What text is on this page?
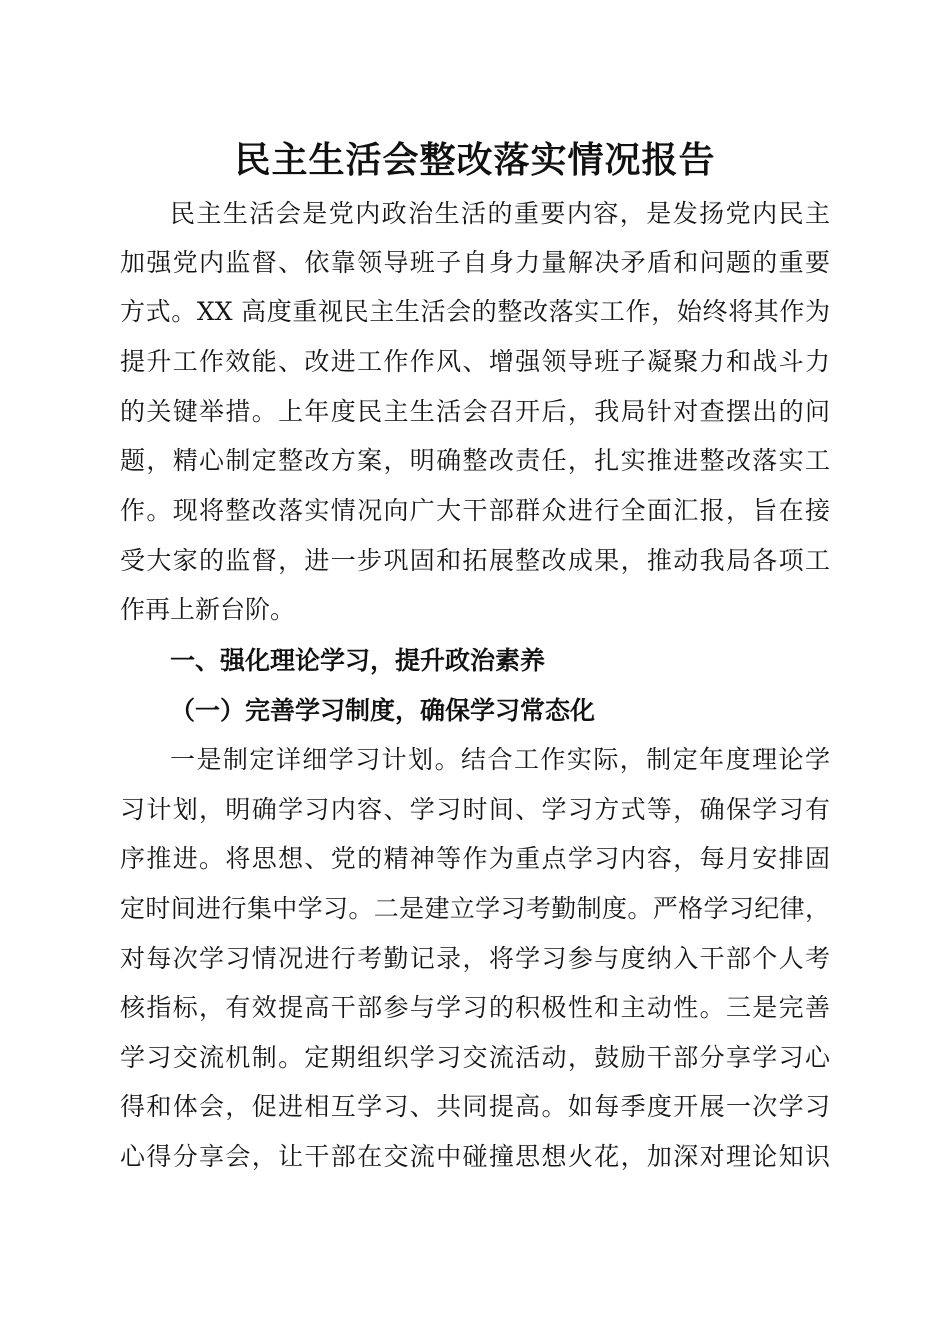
民主生活会整改落实情况报告
民主生活会是党内政治生活的重要内容，是发扬党内民主
加强党内监督、依靠领导班子自身力量解决矛盾和问题的重要
方式。XX 高度重视民主生活会的整改落实工作，始终将其作为
提升工作效能、改进工作作风、增强领导班子凝聚力和战斗力
的关键举措。上年度民主生活会召开后，我局针对查摆出的问
题，精心制定整改方案，明确整改责任，扎实推进整改落实工
作。现将整改落实情况向广大干部群众进行全面汇报，旨在接
受大家的监督，进一步巩固和拓展整改成果，推动我局各项工
作再上新台阶。
一、强化理论学习，提升政治素养
（一）完善学习制度，确保学习常态化
一是制定详细学习计划。结合工作实际，制定年度理论学
习计划，明确学习内容、学习时间、学习方式等，确保学习有
序推进。将思想、党的精神等作为重点学习内容，每月安排固
定时间进行集中学习。二是建立学习考勤制度。严格学习纪律，
对每次学习情况进行考勤记录，将学习参与度纳入干部个人考
核指标，有效提高干部参与学习的积极性和主动性。三是完善
学习交流机制。定期组织学习交流活动，鼓励干部分享学习心
得和体会，促进相互学习、共同提高。如每季度开展一次学习
心得分享会，让干部在交流中碰撞思想火花，加深对理论知识
